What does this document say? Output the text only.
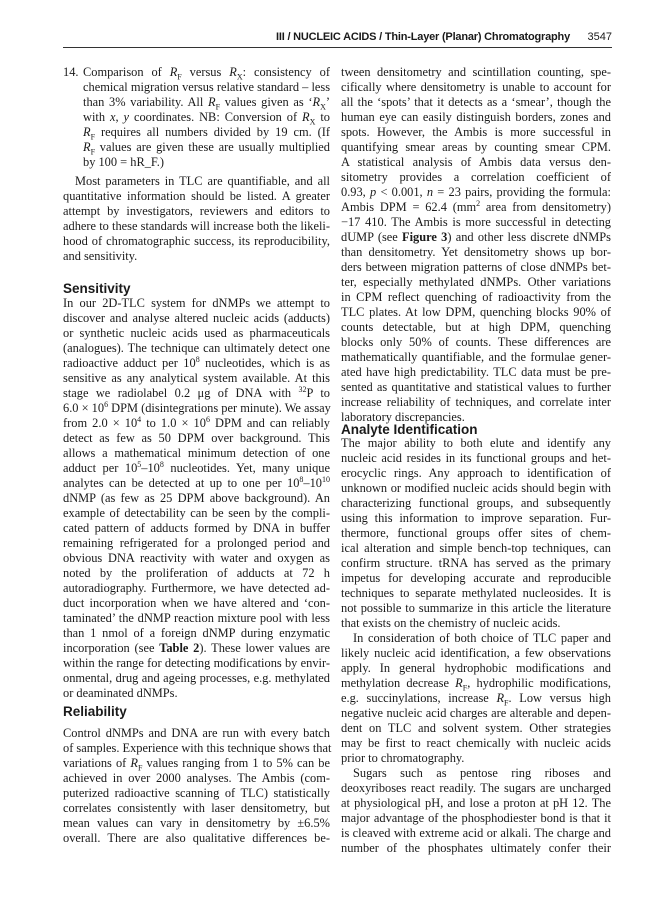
III / NUCLEIC ACIDS / Thin-Layer (Planar) Chromatography 3547
14. Comparison of $R_F$ versus $R_X$: consistency of
chemical migration versus relative standard – less
than 3% variability. All $R_F$ values given as ‘$R_X$’
with x, y coordinates. NB: Conversion of $R_X$ to
$R_F$ requires all numbers divided by 19 cm. (If
$R_F$ values are given these are usually multiplied
by 100 = hR_F.)
Most parameters in TLC are quantifiable, and all
quantitative information should be listed. A greater
attempt by investigators, reviewers and editors to
adhere to these standards will increase both the likeli-
hood of chromatographic success, its reproducibility,
and sensitivity.
Sensitivity
In our 2D-TLC system for dNMPs we attempt to
discover and analyse altered nucleic acids (adducts)
or synthetic nucleic acids used as pharmaceuticals
(analogues). The technique can ultimately detect one
radioactive adduct per $10^8$ nucleotides, which is as
sensitive as any analytical system available. At this
stage we radiolabel 0.2 μg of DNA with $^{32}$P to
$6.0 \times 10^6$ DPM (disintegrations per minute). We assay
from $2.0 \times 10^4$ to $1.0 \times 10^6$ DPM and can reliably
detect as few as 50 DPM over background. This
allows a mathematical minimum detection of one
adduct per $10^5-10^8$ nucleotides. Yet, many unique
analytes can be detected at up to one per $10^8-10^{10}$
dNMP (as few as 25 DPM above background). An
example of detectability can be seen by the compli-
cated pattern of adducts formed by DNA in buffer
remaining refrigerated for a prolonged period and
obvious DNA reactivity with water and oxygen as
noted by the proliferation of adducts at 72 h
autoradiography. Furthermore, we have detected ad-
duct incorporation when we have altered and ‘con-
taminated’ the dNMP reaction mixture pool with less
than 1 nmol of a foreign dNMP during enzymatic
incorporation (see Table 2). These lower values are
within the range for detecting modifications by envir-
onmental, drug and ageing processes, e.g. methylated
or deaminated dNMPs.
Reliability
Control dNMPs and DNA are run with every batch
of samples. Experience with this technique shows that
variations of $R_F$ values ranging from 1 to 5% can be
achieved in over 2000 analyses. The Ambis (com-
puterized radioactive scanning of TLC) statistically
correlates consistently with laser densitometry, but
mean values can vary in densitometry by ±6.5%
overall. There are also qualitative differences be-
tween densitometry and scintillation counting, spe-
cifically where densitometry is unable to account for
all the ‘spots’ that it detects as a ‘smear’, though the
human eye can easily distinguish borders, zones and
spots. However, the Ambis is more successful in
quantifying smear areas by counting smear CPM.
A statistical analysis of Ambis data versus den-
sitometry provides a correlation coefficient of
0.93, p < 0.001, n = 23 pairs, providing the formula:
Ambis DPM = 62.4 ($mm^2$ area from densitometry)
−17 410. The Ambis is more successful in detecting
dUMP (see Figure 3) and other less discrete dNMPs
than densitometry. Yet densitometry shows up bor-
ders between migration patterns of close dNMPs bet-
ter, especially methylated dNMPs. Other variations
in CPM reflect quenching of radioactivity from the
TLC plates. At low DPM, quenching blocks 90% of
counts detectable, but at high DPM, quenching
blocks only 50% of counts. These differences are
mathematically quantifiable, and the formulae gener-
ated have high predictability. TLC data must be pre-
sented as quantitative and statistical values to further
increase reliability of techniques, and correlate inter
laboratory discrepancies.
Analyte Identification
The major ability to both elute and identify any
nucleic acid resides in its functional groups and het-
erocyclic rings. Any approach to identification of
unknown or modified nucleic acids should begin with
characterizing functional groups, and subsequently
using this information to improve separation. Fur-
thermore, functional groups offer sites of chem-
ical alteration and simple bench-top techniques, can
confirm structure. tRNA has served as the primary
impetus for developing accurate and reproducible
techniques to separate methylated nucleosides. It is
not possible to summarize in this article the literature
that exists on the chemistry of nucleic acids.
In consideration of both choice of TLC paper and
likely nucleic acid identification, a few observations
apply. In general hydrophobic modifications and
methylation decrease $R_F$, hydrophilic modifications,
e.g. succinylations, increase $R_F$. Low versus high
negative nucleic acid charges are alterable and depen-
dent on TLC and solvent system. Other strategies
may be first to react chemically with nucleic acids
prior to chromatography.
Sugars such as pentose ring riboses and
deoxyriboses react readily. The sugars are uncharged
at physiological pH, and lose a proton at pH 12. The
major advantage of the phosphodiester bond is that it
is cleaved with extreme acid or alkali. The charge and
number of the phosphates ultimately confer their
